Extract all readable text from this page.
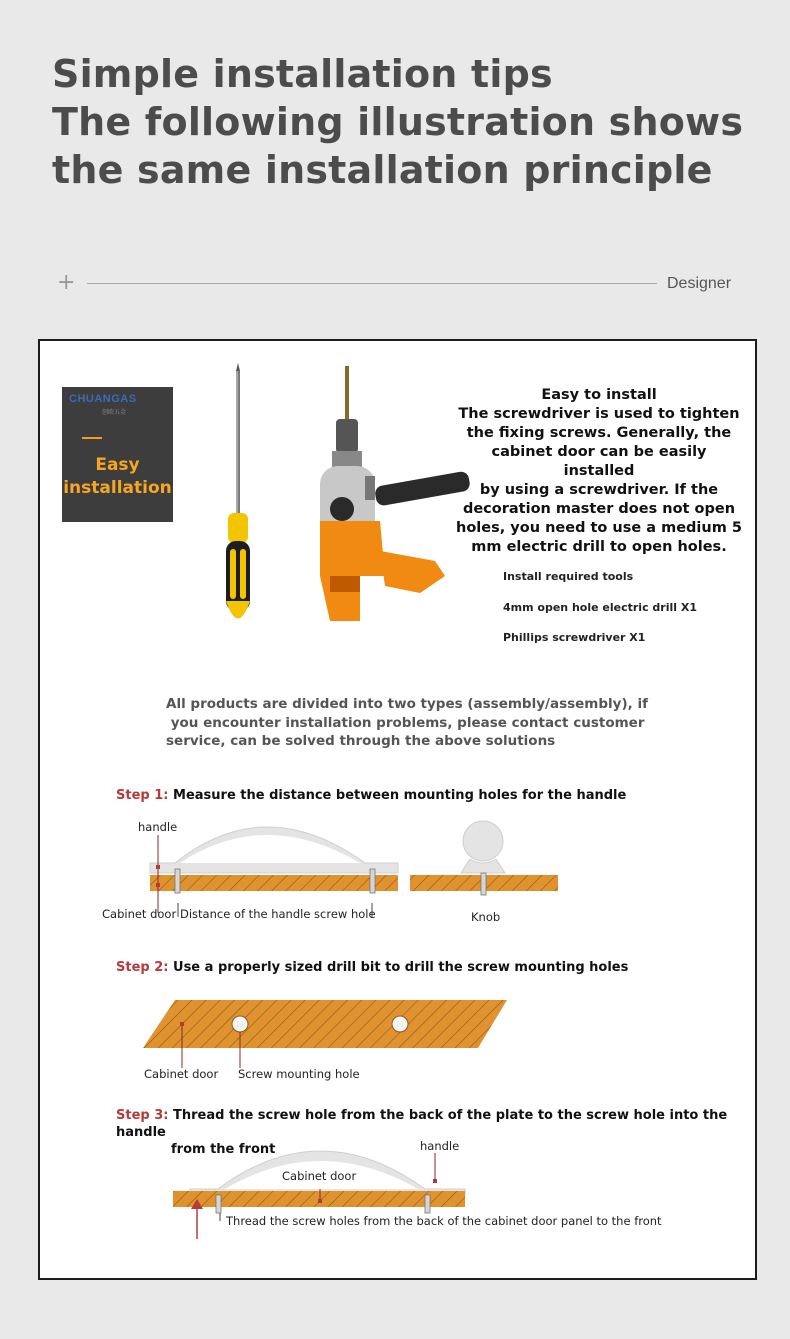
Simple installation tips
The following illustration shows
the same installation principle
+	Designer
CHUANGAS
创欧五金
Easy
installation
Easy to install
The screwdriver is used to tighten
the fixing screws. Generally, the
cabinet door can be easily installed
by using a screwdriver. If the
decoration master does not open
holes, you need to use a medium 5
mm electric drill to open holes.
Install required tools
4mm open hole electric drill X1
Phillips screwdriver X1
All products are divided into two types (assembly/assembly), if
you encounter installation problems, please contact customer
service, can be solved through the above solutions
Step 1: Measure the distance between mounting holes for the handle
handle
Cabinet door Distance of the handle screw hole	Knob
Step 2: Use a properly sized drill bit to drill the screw mounting holes
Cabinet door Screw mounting hole
Step 3: Thread the screw hole from the back of the plate to the screw hole into the handle
from the front	handle
Cabinet door
Thread the screw holes from the back of the cabinet door panel to the front
